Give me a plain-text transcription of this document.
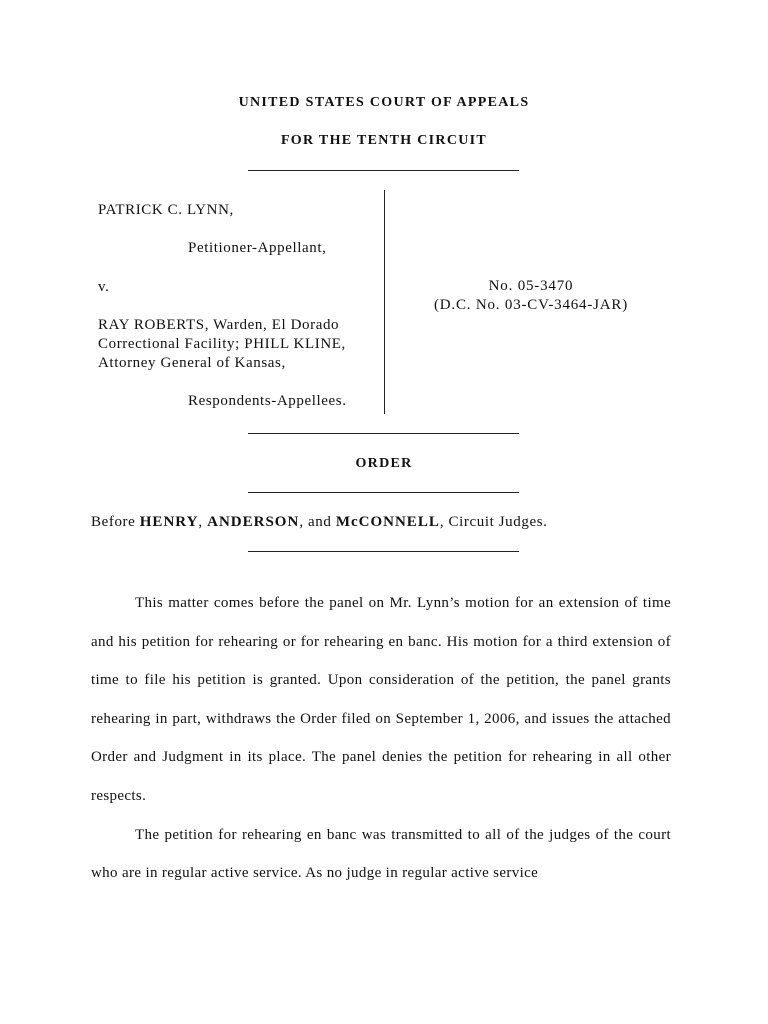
UNITED STATES COURT OF APPEALS
FOR THE TENTH CIRCUIT
PATRICK C. LYNN,
Petitioner-Appellant,
v.
RAY ROBERTS, Warden, El Dorado
Correctional Facility; PHILL KLINE,
Attorney General of Kansas,
Respondents-Appellees.
No. 05-3470
(D.C. No. 03-CV-3464-JAR)
ORDER
Before HENRY, ANDERSON, and McCONNELL, Circuit Judges.

This matter comes before the panel on Mr. Lynn’s motion for an extension of time and his petition for rehearing or for rehearing en banc. His motion for a third extension of time to file his petition is granted. Upon consideration of the petition, the panel grants rehearing in part, withdraws the Order filed on September 1, 2006, and issues the attached Order and Judgment in its place. The panel denies the petition for rehearing in all other respects.

The petition for rehearing en banc was transmitted to all of the judges of the court who are in regular active service. As no judge in regular active service
